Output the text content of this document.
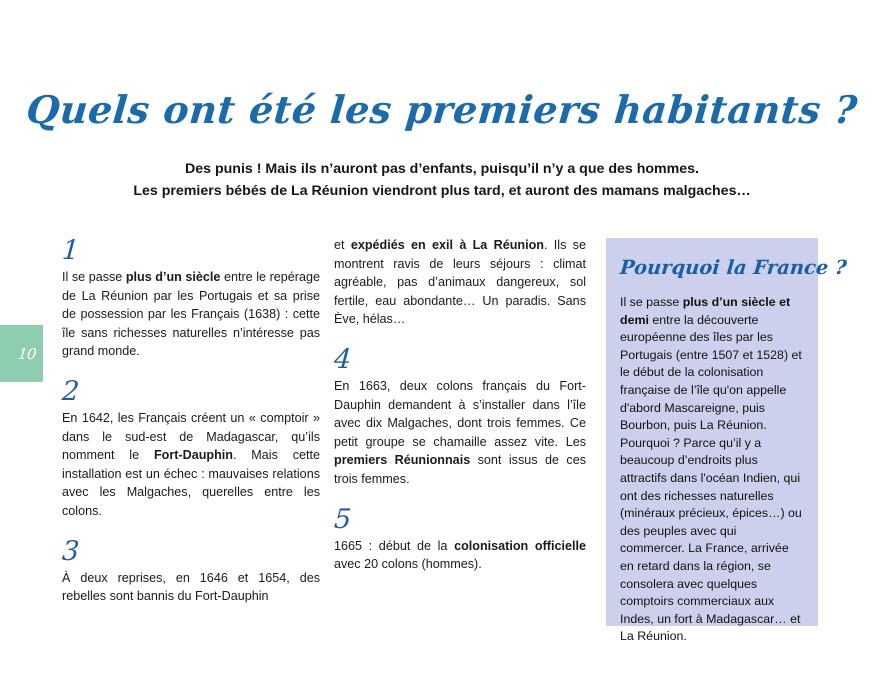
10
Quels ont été les premiers habitants ?
Des punis ! Mais ils n’auront pas d’enfants, puisqu’il n’y a que des hommes.
Les premiers bébés de La Réunion viendront plus tard, et auront des mamans malgaches…
1

Il se passe plus d’un siècle entre le repérage de La Réunion par les Portugais et sa prise de possession par les Français (1638) : cette île sans richesses naturelles n’intéresse pas grand monde.

2

En 1642, les Français créent un « comptoir » dans le sud-est de Madagascar, qu’ils nomment le Fort-Dauphin. Mais cette installation est un échec : mauvaises relations avec les Malgaches, querelles entre les colons.

3

À deux reprises, en 1646 et 1654, des rebelles sont bannis du Fort-Dauphin

et expédiés en exil à La Réunion. Ils se montrent ravis de leurs séjours : climat agréable, pas d’animaux dangereux, sol fertile, eau abondante… Un paradis. Sans Ève, hélas…

4

En 1663, deux colons français du Fort-Dauphin demandent à s’installer dans l’île avec dix Malgaches, dont trois femmes. Ce petit groupe se chamaille assez vite. Les premiers Réunionnais sont issus de ces trois femmes.

5

1665 : début de la colonisation officielle avec 20 colons (hommes).

Pourquoi la France ?

Il se passe plus d’un siècle et demi entre la découverte européenne des îles par les Portugais (entre 1507 et 1528) et le début de la colonisation française de l’île qu'on appelle d'abord Mascareigne, puis Bourbon, puis La Réunion. Pourquoi ? Parce qu’il y a beaucoup d’endroits plus attractifs dans l'océan Indien, qui ont des richesses naturelles (minéraux précieux, épices…) ou des peuples avec qui commercer. La France, arrivée en retard dans la région, se consolera avec quelques comptoirs commerciaux aux Indes, un fort à Madagascar… et La Réunion.
